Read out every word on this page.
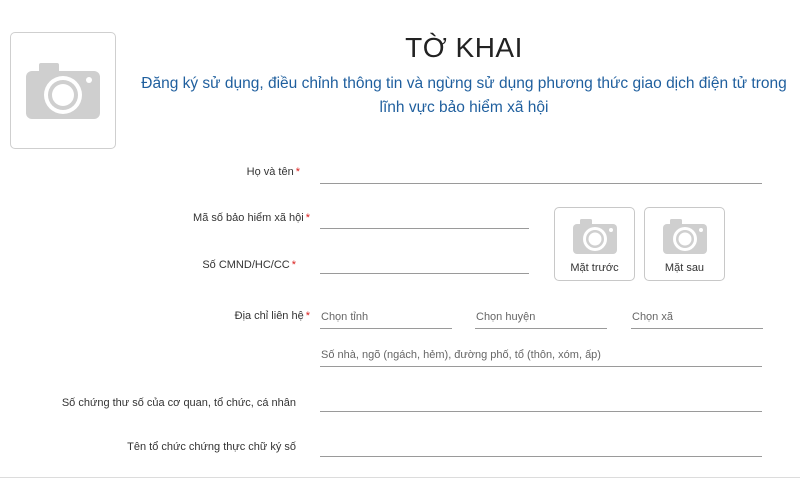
TỜ KHAI
Đăng ký sử dụng, điều chỉnh thông tin và ngừng sử dụng phương thức giao dịch điện tử trong lĩnh vực bảo hiểm xã hội
Họ và tên *
Mã số bảo hiểm xã hội *
Số CMND/HC/CC *	Mặt trước	Mặt sau
Địa chỉ liên hệ * Chọn tỉnh	Chọn huyện	Chọn xã
Số nhà, ngõ (ngách, hẻm), đường phố, tổ (thôn, xóm, ấp)
Số chứng thư số của cơ quan, tổ chức, cá nhân
Tên tổ chức chứng thực chữ ký số
